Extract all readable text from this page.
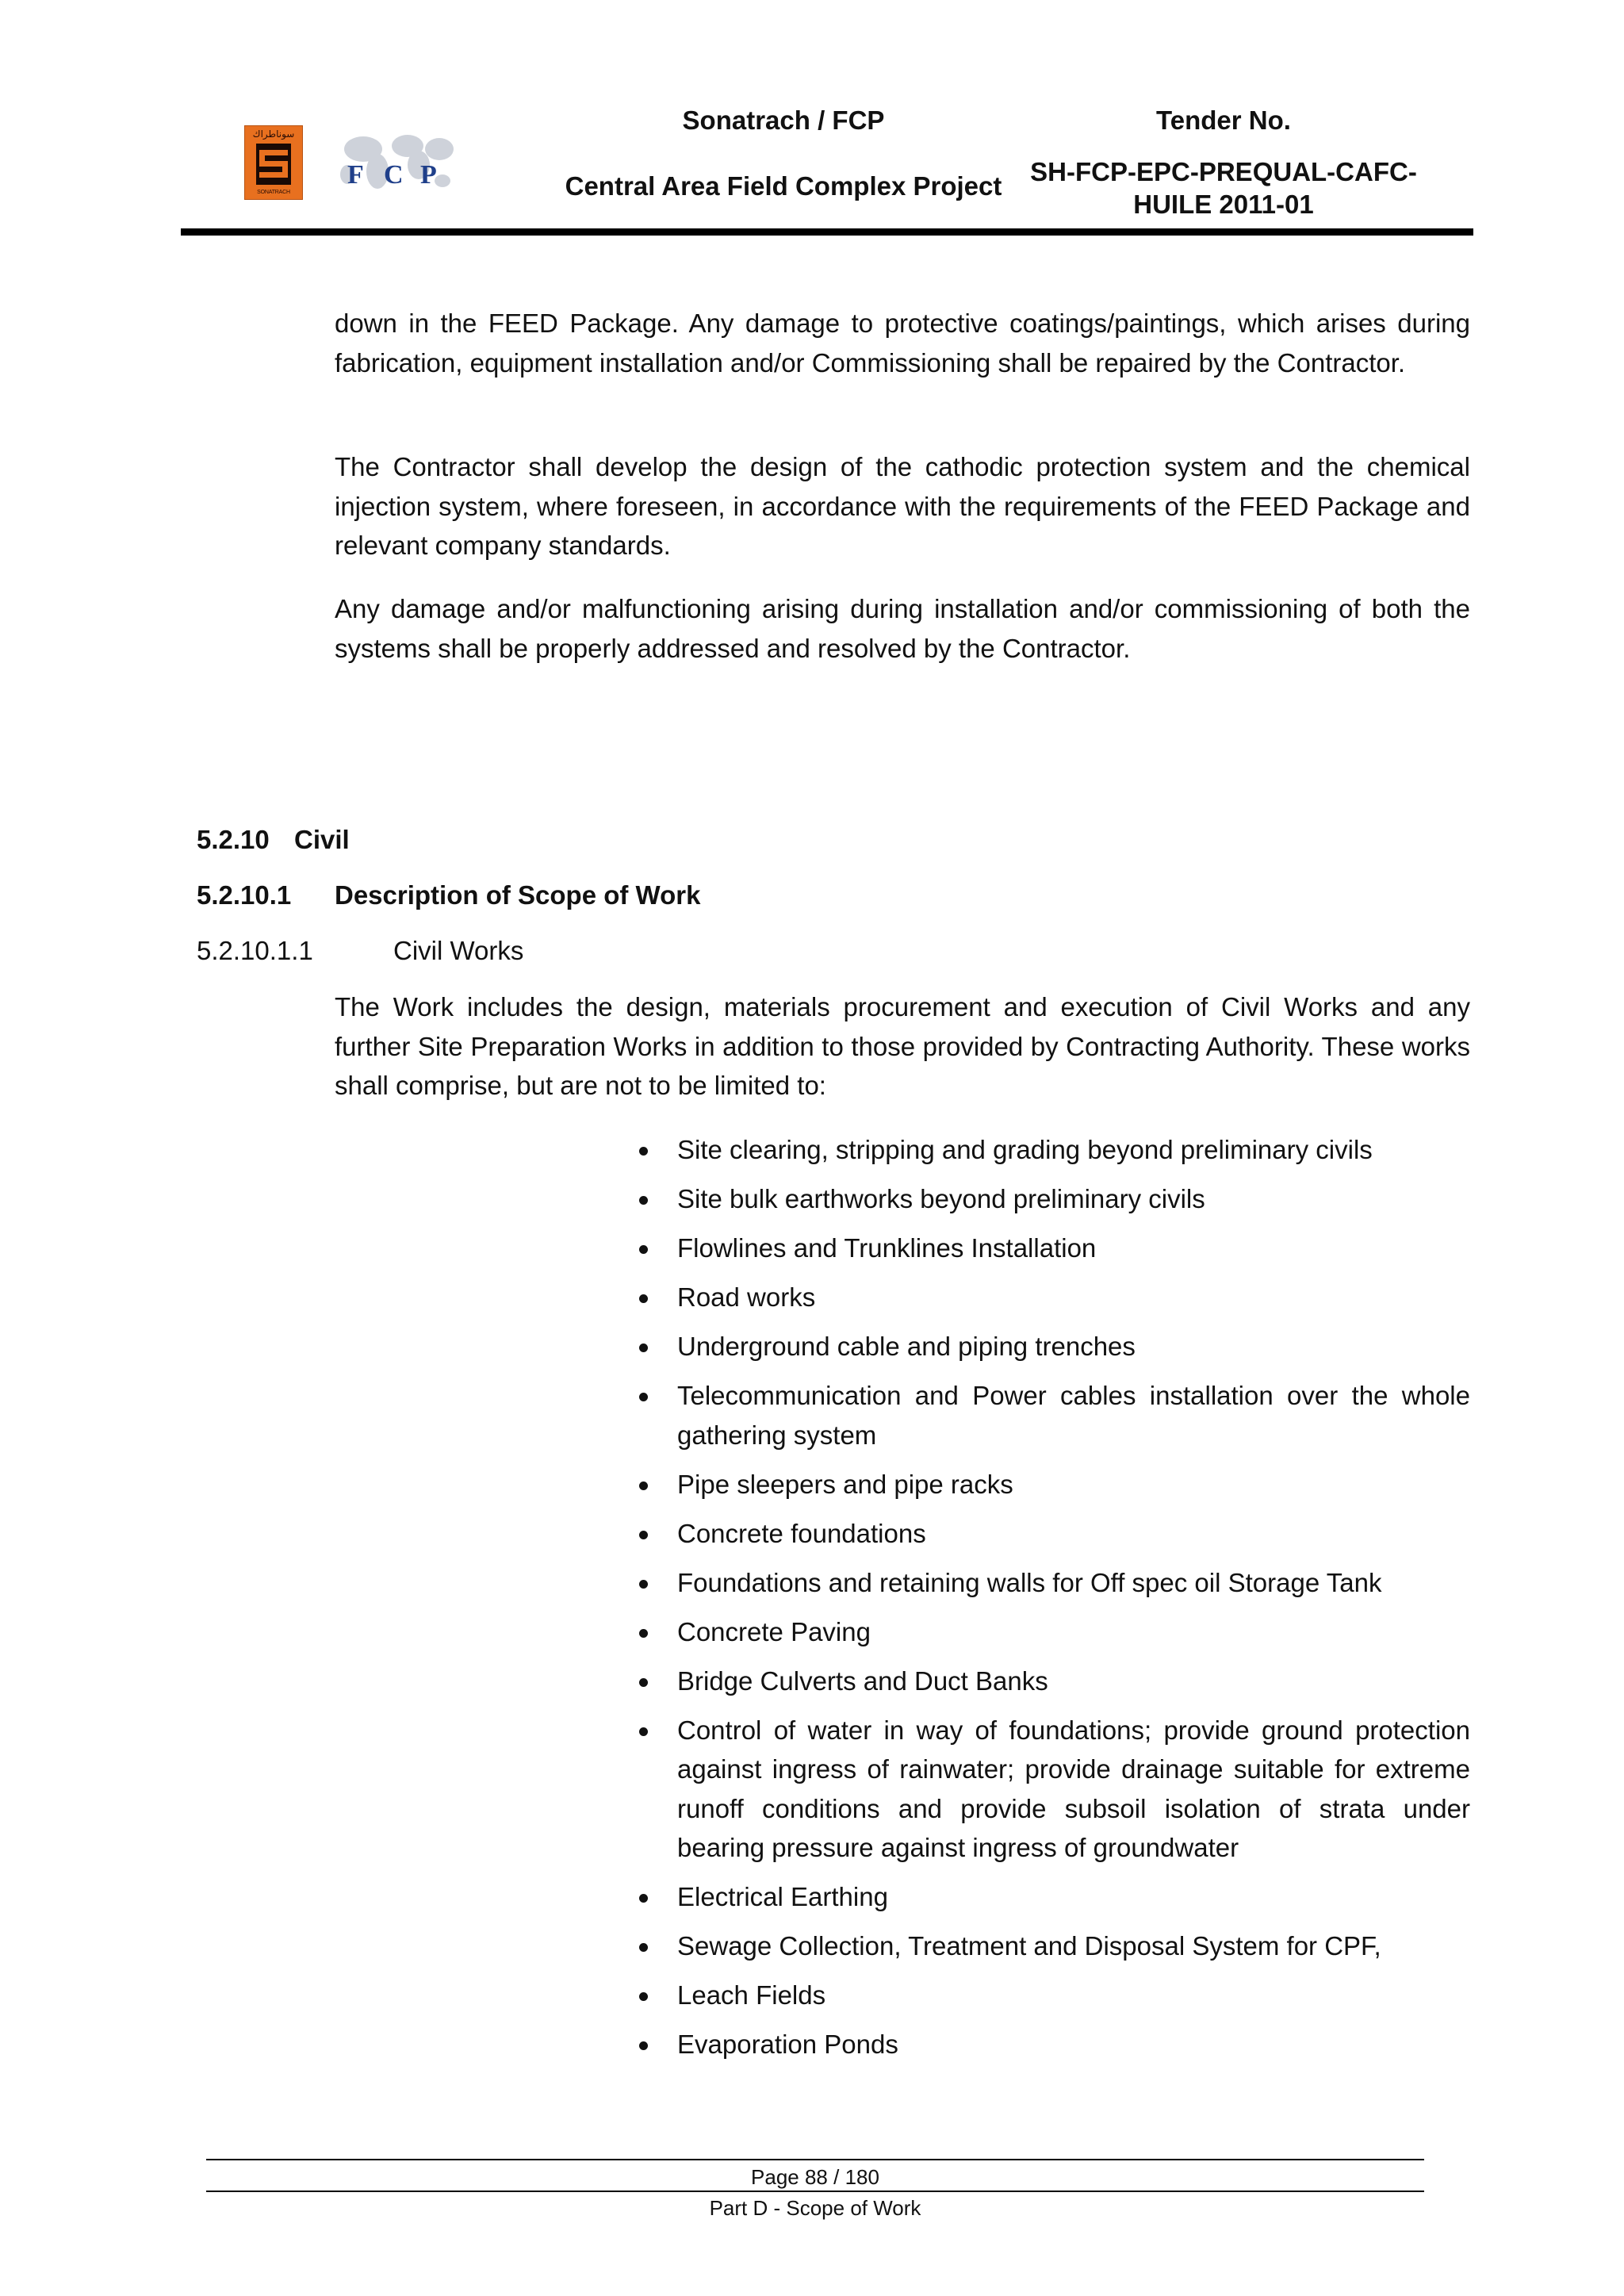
سوناطراك
SONATRACH
F C P
Sonatrach / FCP
Central Area Field Complex Project
Tender No.
SH-FCP-EPC-PREQUAL-CAFC-HUILE 2011-01

down in the FEED Package. Any damage to protective coatings/paintings, which arises during fabrication, equipment installation and/or Commissioning shall be repaired by the Contractor.

The Contractor shall develop the design of the cathodic protection system and the chemical injection system, where foreseen, in accordance with the requirements of the FEED Package and relevant company standards.

Any damage and/or malfunctioning arising during installation and/or commissioning of both the systems shall be properly addressed and resolved by the Contractor.

5.2.10 Civil
5.2.10.1 Description of Scope of Work
5.2.10.1.1	Civil Works

The Work includes the design, materials procurement and execution of Civil Works and any further Site Preparation Works in addition to those provided by Contracting Authority. These works shall comprise, but are not to be limited to:

Site clearing, stripping and grading beyond preliminary civils
Site bulk earthworks beyond preliminary civils
Flowlines and Trunklines Installation
Road works
Underground cable and piping trenches
Telecommunication and Power cables installation over the whole gathering system
Pipe sleepers and pipe racks
Concrete foundations
Foundations and retaining walls for Off spec oil Storage Tank
Concrete Paving
Bridge Culverts and Duct Banks
Control of water in way of foundations; provide ground protection against ingress of rainwater; provide drainage suitable for extreme runoff conditions and provide subsoil isolation of strata under bearing pressure against ingress of groundwater
Electrical Earthing
Sewage Collection, Treatment and Disposal System for CPF,
Leach Fields
Evaporation Ponds
Page 88 / 180
Part D - Scope of Work
